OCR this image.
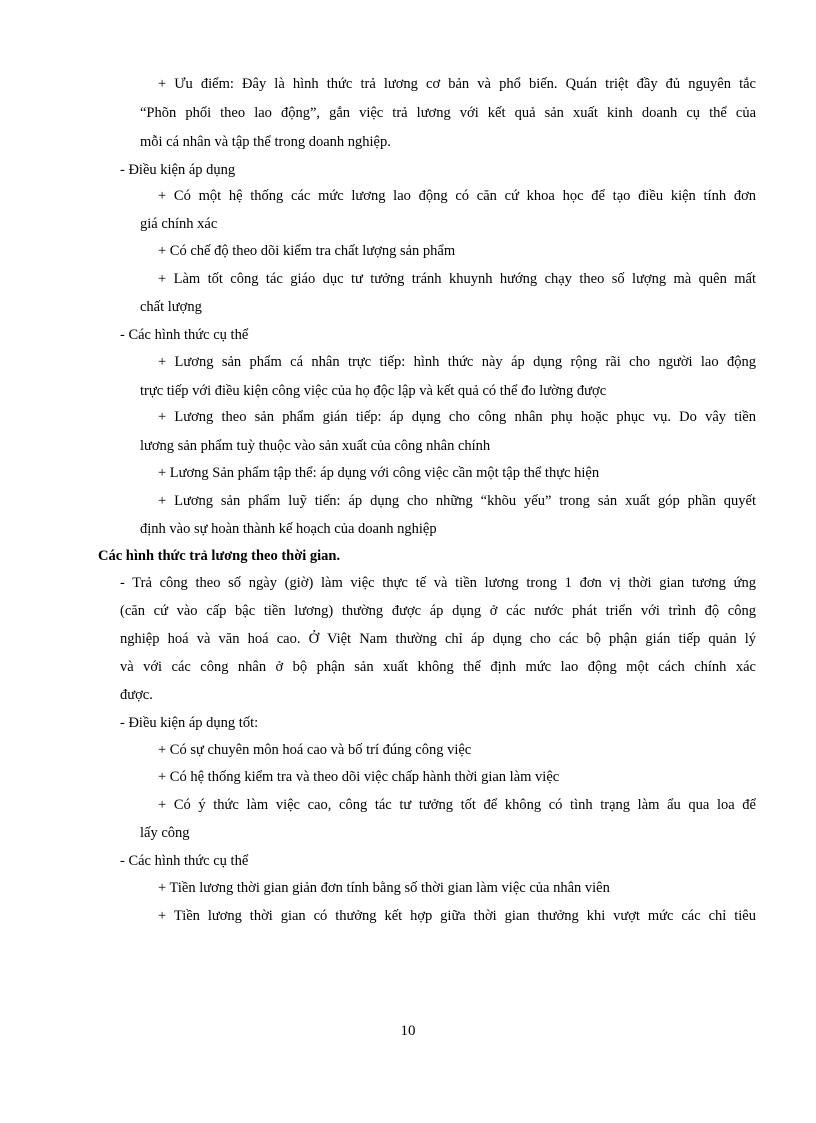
+ Ưu điểm: Đây là hình thức trả lương cơ bản và phổ biến. Quán triệt đầy đủ nguyên tắc
“Phõn phối theo lao động”, gắn việc trả lương với kết quả sản xuất kinh doanh cụ thể của
mỗi cá nhân và tập thể trong doanh nghiệp.
- Điều kiện áp dụng
+ Có một hệ thống các mức lương lao động có căn cứ khoa học để tạo điều kiện tính đơn
giá chính xác
+ Có chế độ theo dõi kiểm tra chất lượng sản phẩm
+ Làm tốt công tác giáo dục tư tưởng tránh khuynh hướng chạy theo số lượng mà quên mất
chất lượng
- Các hình thức cụ thể
+ Lương sản phẩm cá nhân trực tiếp: hình thức này áp dụng rộng rãi cho người lao động
trực tiếp với điều kiện công việc của họ độc lập và kết quả có thể đo lường được
+ Lương theo sản phẩm gián tiếp: áp dụng cho công nhân phụ hoặc phục vụ. Do vây tiền
lương sản phẩm tuỳ thuộc vào sản xuất của công nhân chính
+ Lương Sản phẩm tập thể: áp dụng với công việc cần một tập thể thực hiện
+ Lương sản phẩm luỹ tiến: áp dụng cho những “khõu yếu” trong sản xuất góp phần quyết
định vào sự hoàn thành kế hoạch của doanh nghiệp
Các hình thức trả lương theo thời gian.
- Trả công theo số ngày (giờ) làm việc thực tế và tiền lương trong 1 đơn vị thời gian tương ứng
(căn cứ vào cấp bậc tiền lương) thường được áp dụng ở các nước phát triển với trình độ công
nghiệp hoá và văn hoá cao. Ở Việt Nam thường chỉ áp dụng cho các bộ phận gián tiếp quản lý
và với các công nhân ở bộ phận sản xuất không thể định mức lao động một cách chính xác
được.
- Điều kiện áp dụng tốt:
+ Có sự chuyên môn hoá cao và bố trí đúng công việc
+ Có hệ thống kiểm tra và theo dõi việc chấp hành thời gian làm việc
+ Có ý thức làm việc cao, công tác tư tưởng tốt để không có tình trạng làm ẩu qua loa để
lấy công
- Các hình thức cụ thể
+ Tiền lương thời gian giản đơn tính bằng số thời gian làm việc của nhân viên
+ Tiền lương thời gian có thưởng kết hợp giữa thời gian thưởng khi vượt mức các chỉ tiêu
10
